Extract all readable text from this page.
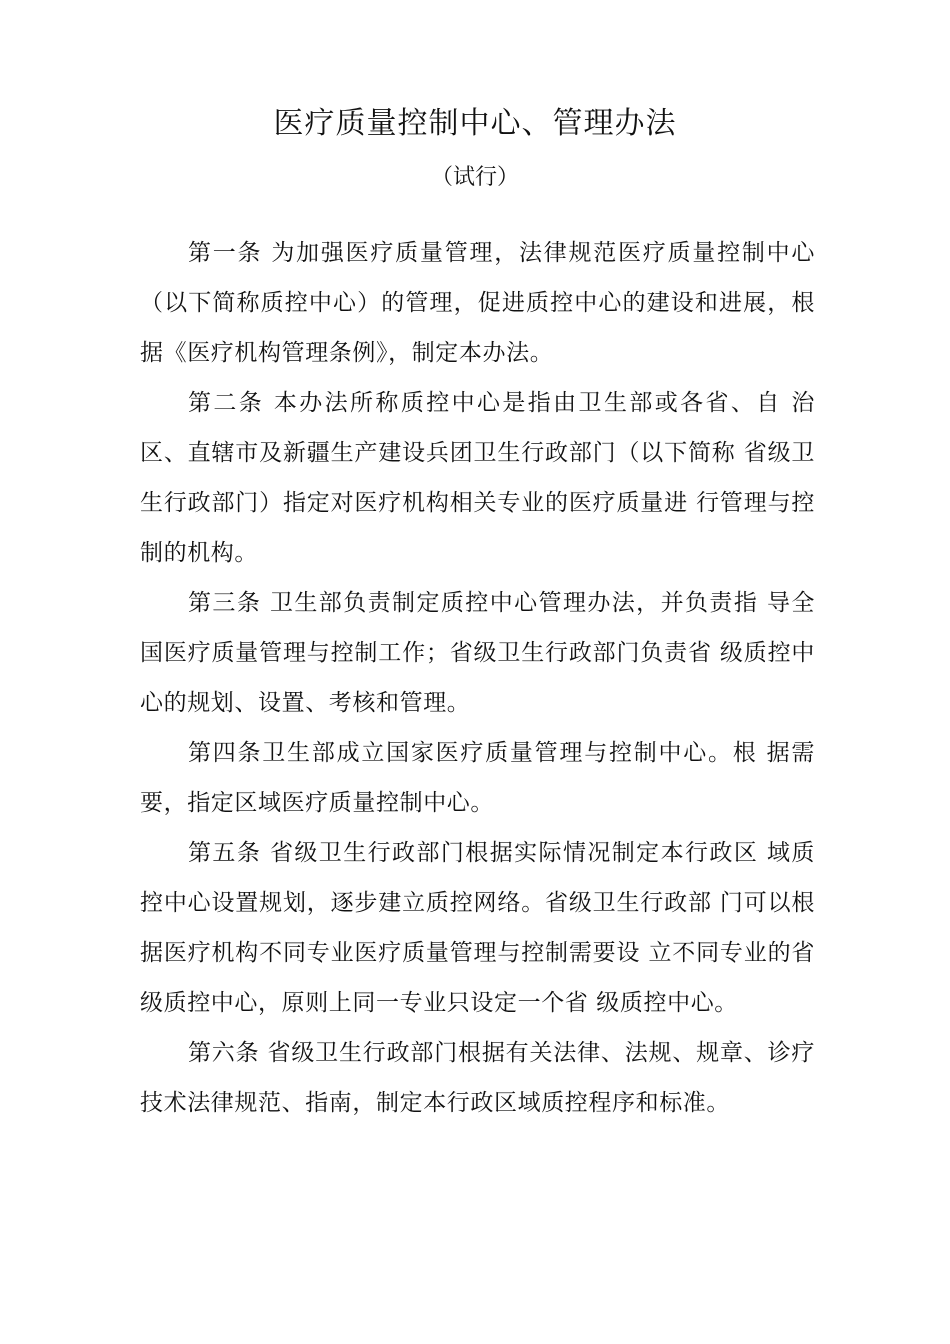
医疗质量控制中心、管理办法
（试行）

第一条 为加强医疗质量管理，法律规范医疗质量控制中心（以下简称质控中心）的管理，促进质控中心的建设和进展，根据《医疗机构管理条例》，制定本办法。

第二条 本办法所称质控中心是指由卫生部或各省、自 治区、直辖市及新疆生产建设兵团卫生行政部门（以下简称 省级卫生行政部门）指定对医疗机构相关专业的医疗质量进 行管理与控制的机构。

第三条 卫生部负责制定质控中心管理办法，并负责指 导全国医疗质量管理与控制工作；省级卫生行政部门负责省 级质控中心的规划、设置、考核和管理。

第四条卫生部成立国家医疗质量管理与控制中心。根 据需要，指定区域医疗质量控制中心。

第五条 省级卫生行政部门根据实际情况制定本行政区 域质控中心设置规划，逐步建立质控网络。省级卫生行政部 门可以根据医疗机构不同专业医疗质量管理与控制需要设 立不同专业的省级质控中心，原则上同一专业只设定一个省 级质控中心。

第六条 省级卫生行政部门根据有关法律、法规、规章、诊疗技术法律规范、指南，制定本行政区域质控程序和标准。
